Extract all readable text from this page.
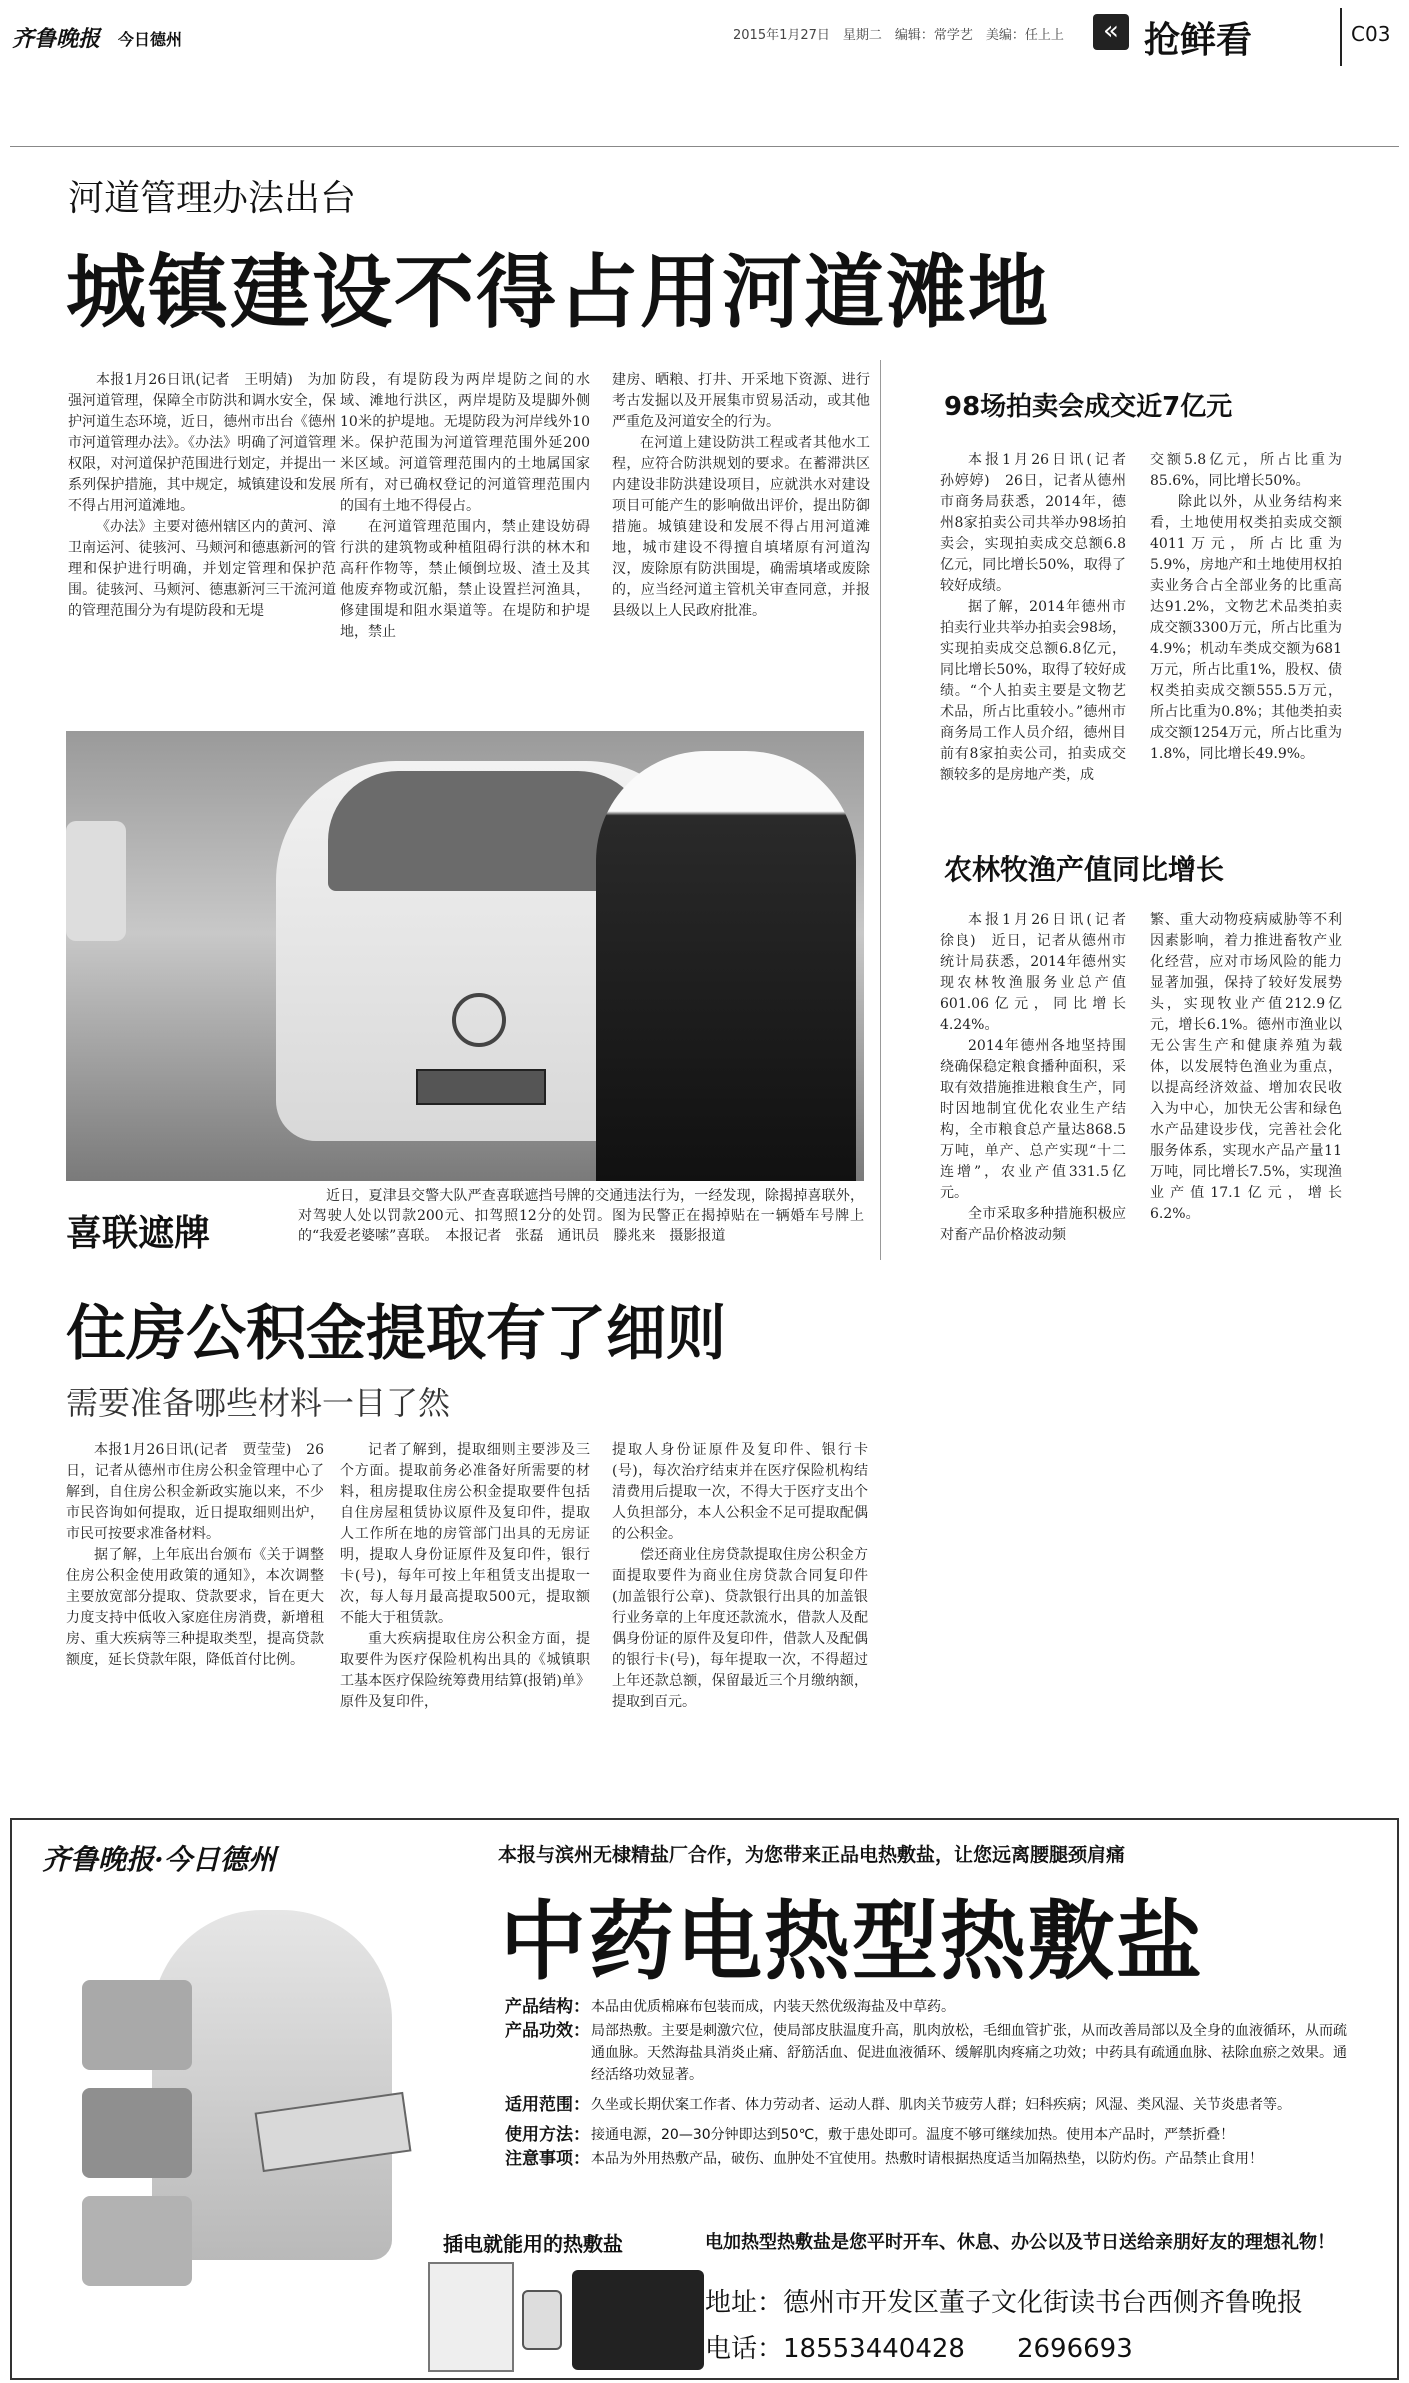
齐鲁晚报 今日德州	2015年1月27日　星期二　编辑：常学艺　美编：任上上	« 抢鲜看	C03
河道管理办法出台
城镇建设不得占用河道滩地

本报1月26日讯(记者　王明婧)　为加强河道管理，保障全市防洪和调水安全，保护河道生态环境，近日，德州市出台《德州市河道管理办法》。《办法》明确了河道管理权限，对河道保护范围进行划定，并提出一系列保护措施，其中规定，城镇建设和发展不得占用河道滩地。

《办法》主要对德州辖区内的黄河、漳卫南运河、徒骇河、马颊河和德惠新河的管理和保护进行明确，并划定管理和保护范围。徒骇河、马颊河、德惠新河三干流河道的管理范围分为有堤防段和无堤

防段，有堤防段为两岸堤防之间的水域、滩地行洪区，两岸堤防及堤脚外侧10米的护堤地。无堤防段为河岸线外10米。保护范围为河道管理范围外延200米区域。河道管理范围内的土地属国家所有，对已确权登记的河道管理范围内的国有土地不得侵占。

在河道管理范围内，禁止建设妨碍行洪的建筑物或种植阻碍行洪的林木和高秆作物等，禁止倾倒垃圾、渣土及其他废弃物或沉船，禁止设置拦河渔具，修建围堤和阻水渠道等。在堤防和护堤地，禁止

建房、晒粮、打井、开采地下资源、进行考古发掘以及开展集市贸易活动，或其他严重危及河道安全的行为。

在河道上建设防洪工程或者其他水工程，应符合防洪规划的要求。在蓄滞洪区内建设非防洪建设项目，应就洪水对建设项目可能产生的影响做出评价，提出防御措施。城镇建设和发展不得占用河道滩地，城市建设不得擅自填堵原有河道沟汊，废除原有防洪围堤，确需填堵或废除的，应当经河道主管机关审查同意，并报县级以上人民政府批准。

喜联遮牌

近日，夏津县交警大队严查喜联遮挡号牌的交通违法行为，一经发现，除揭掉喜联外，对驾驶人处以罚款200元、扣驾照12分的处罚。图为民警正在揭掉贴在一辆婚车号牌上的“我爱老婆嗦”喜联。　本报记者　张磊　通讯员　滕兆来　摄影报道

98场拍卖会成交近7亿元

本报1月26日讯(记者　孙婷婷)　26日，记者从德州市商务局获悉，2014年，德州8家拍卖公司共举办98场拍卖会，实现拍卖成交总额6.8亿元，同比增长50%，取得了较好成绩。

据了解，2014年德州市拍卖行业共举办拍卖会98场，实现拍卖成交总额6.8亿元，同比增长50%，取得了较好成绩。“个人拍卖主要是文物艺术品，所占比重较小。”德州市商务局工作人员介绍，德州目前有8家拍卖公司，拍卖成交额较多的是房地产类，成

交额5.8亿元，所占比重为85.6%，同比增长50%。

除此以外，从业务结构来看，土地使用权类拍卖成交额4011万元，所占比重为5.9%，房地产和土地使用权拍卖业务合占全部业务的比重高达91.2%，文物艺术品类拍卖成交额3300万元，所占比重为4.9%；机动车类成交额为681万元，所占比重1%，股权、债权类拍卖成交额555.5万元，所占比重为0.8%；其他类拍卖成交额1254万元，所占比重为1.8%，同比增长49.9%。

农林牧渔产值同比增长

本报1月26日讯(记者　徐良)　近日，记者从德州市统计局获悉，2014年德州实现农林牧渔服务业总产值601.06亿元，同比增长4.24%。

2014年德州各地坚持围绕确保稳定粮食播种面积，采取有效措施推进粮食生产，同时因地制宜优化农业生产结构，全市粮食总产量达868.5万吨，单产、总产实现“十二连增”，农业产值331.5亿元。

全市采取多种措施积极应对畜产品价格波动频

繁、重大动物疫病威胁等不利因素影响，着力推进畜牧产业化经营，应对市场风险的能力显著加强，保持了较好发展势头，实现牧业产值212.9亿元，增长6.1%。德州市渔业以无公害生产和健康养殖为载体，以发展特色渔业为重点，以提高经济效益、增加农民收入为中心，加快无公害和绿色水产品建设步伐，完善社会化服务体系，实现水产品产量11万吨，同比增长7.5%，实现渔业产值17.1亿元，增长6.2%。

住房公积金提取有了细则
需要准备哪些材料一目了然

本报1月26日讯(记者　贾莹莹)　26日，记者从德州市住房公积金管理中心了解到，自住房公积金新政实施以来，不少市民咨询如何提取，近日提取细则出炉，市民可按要求准备材料。

据了解，上年底出台颁布《关于调整住房公积金使用政策的通知》，本次调整主要放宽部分提取、贷款要求，旨在更大力度支持中低收入家庭住房消费，新增租房、重大疾病等三种提取类型，提高贷款额度，延长贷款年限，降低首付比例。

记者了解到，提取细则主要涉及三个方面。提取前务必准备好所需要的材料，租房提取住房公积金提取要件包括自住房屋租赁协议原件及复印件，提取人工作所在地的房管部门出具的无房证明，提取人身份证原件及复印件，银行卡(号)，每年可按上年租赁支出提取一次，每人每月最高提取500元，提取额不能大于租赁款。

重大疾病提取住房公积金方面，提取要件为医疗保险机构出具的《城镇职工基本医疗保险统筹费用结算(报销)单》原件及复印件，

提取人身份证原件及复印件、银行卡(号)，每次治疗结束并在医疗保险机构结清费用后提取一次，不得大于医疗支出个人负担部分，本人公积金不足可提取配偶的公积金。

偿还商业住房贷款提取住房公积金方面提取要件为商业住房贷款合同复印件(加盖银行公章)、贷款银行出具的加盖银行业务章的上年度还款流水，借款人及配偶身份证的原件及复印件，借款人及配偶的银行卡(号)，每年提取一次，不得超过上年还款总额，保留最近三个月缴纳额，提取到百元。

齐鲁晚报·今日德州	本报与滨州无棣精盐厂合作，为您带来正品电热敷盐，让您远离腰腿颈肩痛
中药电热型热敷盐
产品结构： 本品由优质棉麻布包装而成，内装天然优级海盐及中草药。
产品功效： 局部热敷。主要是刺激穴位，使局部皮肤温度升高，肌肉放松，毛细血管扩张，从而改善局部以及全身的血液循环，从而疏通血脉。天然海盐具消炎止痛、舒筋活血、促进血液循环、缓解肌肉疼痛之功效；中药具有疏通血脉、祛除血瘀之效果。通经活络功效显著。
适用范围： 久坐或长期伏案工作者、体力劳动者、运动人群、肌肉关节疲劳人群；妇科疾病；风湿、类风湿、关节炎患者等。
使用方法： 接通电源，20—30分钟即达到50℃，敷于患处即可。温度不够可继续加热。使用本产品时，严禁折叠！
注意事项： 本品为外用热敷产品，破伤、血肿处不宜使用。热敷时请根据热度适当加隔热垫，以防灼伤。产品禁止食用！
插电就能用的热敷盐	电加热型热敷盐是您平时开车、休息、办公以及节日送给亲朋好友的理想礼物！
地址：德州市开发区董子文化街读书台西侧齐鲁晚报
电话：18553440428　　2696693
